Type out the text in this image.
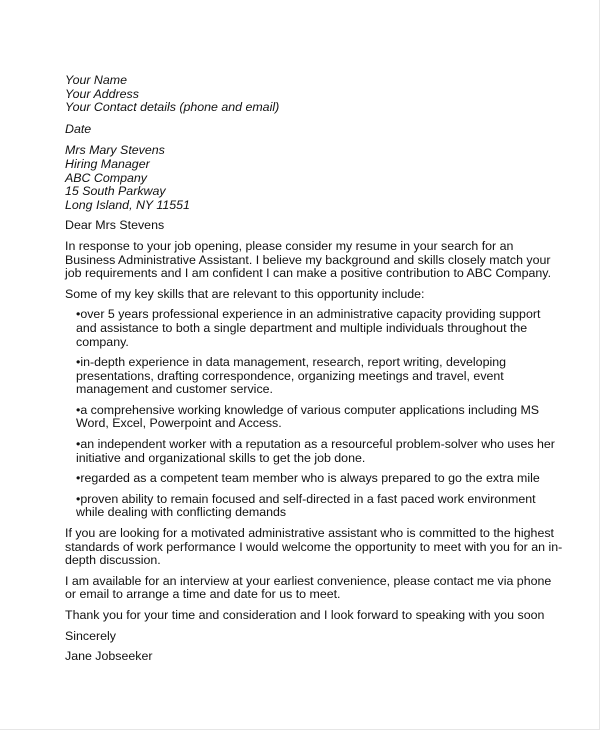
Your Name
Your Address
Your Contact details (phone and email)
Date
Mrs Mary Stevens
Hiring Manager
ABC Company
15 South Parkway
Long Island, NY 11551
Dear Mrs Stevens
In response to your job opening, please consider my resume in your search for an
Business Administrative Assistant. I believe my background and skills closely match your
job requirements and I am confident I can make a positive contribution to ABC Company.
Some of my key skills that are relevant to this opportunity include:
•over 5 years professional experience in an administrative capacity providing support
and assistance to both a single department and multiple individuals throughout the
company.
•in-depth experience in data management, research, report writing, developing
presentations, drafting correspondence, organizing meetings and travel, event
management and customer service.
•a comprehensive working knowledge of various computer applications including MS
Word, Excel, Powerpoint and Access.
•an independent worker with a reputation as a resourceful problem-solver who uses her
initiative and organizational skills to get the job done.
•regarded as a competent team member who is always prepared to go the extra mile
•proven ability to remain focused and self-directed in a fast paced work environment
while dealing with conflicting demands
If you are looking for a motivated administrative assistant who is committed to the highest
standards of work performance I would welcome the opportunity to meet with you for an in-
depth discussion.
I am available for an interview at your earliest convenience, please contact me via phone
or email to arrange a time and date for us to meet.
Thank you for your time and consideration and I look forward to speaking with you soon
Sincerely
Jane Jobseeker
